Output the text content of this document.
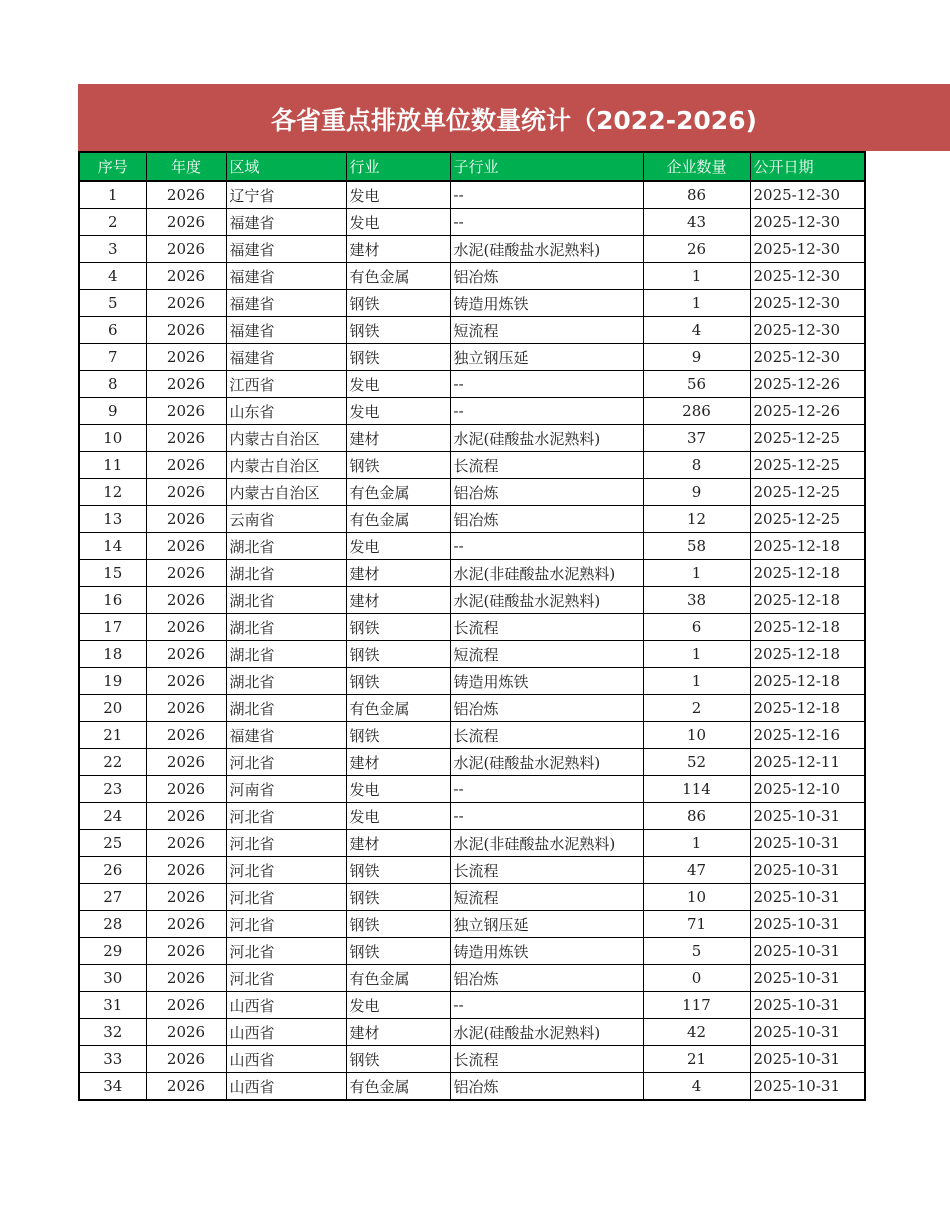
各省重点排放单位数量统计（2022-2026)
序号	年度	区域	行业	子行业	企业数量	公开日期
1	2026	辽宁省	发电	--	86	2025-12-30
2	2026	福建省	发电	--	43	2025-12-30
3	2026	福建省	建材	水泥(硅酸盐水泥熟料)	26	2025-12-30
4	2026	福建省	有色金属	铝冶炼	1	2025-12-30
5	2026	福建省	钢铁	铸造用炼铁	1	2025-12-30
6	2026	福建省	钢铁	短流程	4	2025-12-30
7	2026	福建省	钢铁	独立钢压延	9	2025-12-30
8	2026	江西省	发电	--	56	2025-12-26
9	2026	山东省	发电	--	286	2025-12-26
10	2026	内蒙古自治区	建材	水泥(硅酸盐水泥熟料)	37	2025-12-25
11	2026	内蒙古自治区	钢铁	长流程	8	2025-12-25
12	2026	内蒙古自治区	有色金属	铝冶炼	9	2025-12-25
13	2026	云南省	有色金属	铝冶炼	12	2025-12-25
14	2026	湖北省	发电	--	58	2025-12-18
15	2026	湖北省	建材	水泥(非硅酸盐水泥熟料)	1	2025-12-18
16	2026	湖北省	建材	水泥(硅酸盐水泥熟料)	38	2025-12-18
17	2026	湖北省	钢铁	长流程	6	2025-12-18
18	2026	湖北省	钢铁	短流程	1	2025-12-18
19	2026	湖北省	钢铁	铸造用炼铁	1	2025-12-18
20	2026	湖北省	有色金属	铝冶炼	2	2025-12-18
21	2026	福建省	钢铁	长流程	10	2025-12-16
22	2026	河北省	建材	水泥(硅酸盐水泥熟料)	52	2025-12-11
23	2026	河南省	发电	--	114	2025-12-10
24	2026	河北省	发电	--	86	2025-10-31
25	2026	河北省	建材	水泥(非硅酸盐水泥熟料)	1	2025-10-31
26	2026	河北省	钢铁	长流程	47	2025-10-31
27	2026	河北省	钢铁	短流程	10	2025-10-31
28	2026	河北省	钢铁	独立钢压延	71	2025-10-31
29	2026	河北省	钢铁	铸造用炼铁	5	2025-10-31
30	2026	河北省	有色金属	铝冶炼	0	2025-10-31
31	2026	山西省	发电	--	117	2025-10-31
32	2026	山西省	建材	水泥(硅酸盐水泥熟料)	42	2025-10-31
33	2026	山西省	钢铁	长流程	21	2025-10-31
34	2026	山西省	有色金属	铝冶炼	4	2025-10-31
